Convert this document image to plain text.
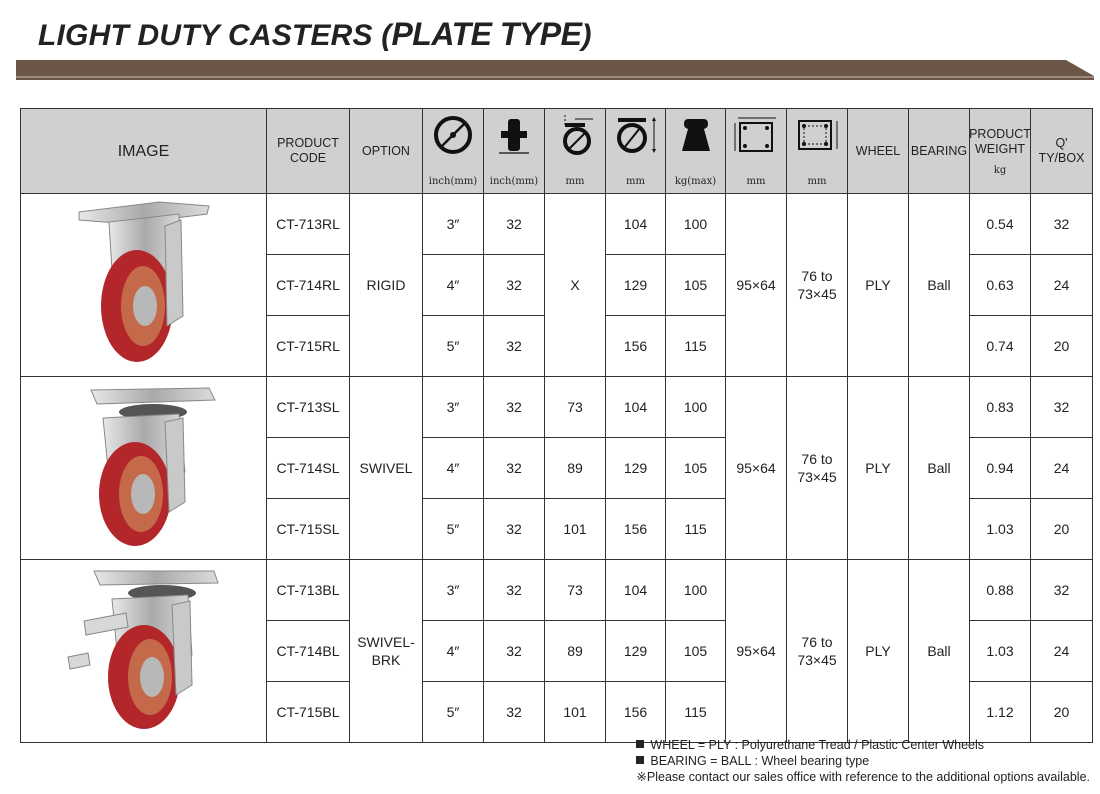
LIGHT DUTY CASTERS (PLATE TYPE)
IMAGE	PRODUCT
CODE	OPTION	inch(mm)	inch(mm)	mm	mm	kg(max)	mm	mm	WHEEL	BEARING	PRODUCT
WEIGHT
kg	Q' TY/BOX
	CT-713RL	RIGID	3″	32	X	104	100	95×64	76 to
73×45	PLY	Ball	0.54	32
	CT-714RL		4″	32		129	105					0.63	24
	CT-715RL		5″	32		156	115					0.74	20
	CT-713SL	SWIVEL	3″	32	73	104	100	95×64	76 to
73×45	PLY	Ball	0.83	32
	CT-714SL		4″	32	89	129	105					0.94	24
	CT-715SL		5″	32	101	156	115					1.03	20
	CT-713BL	SWIVEL-
BRK	3″	32	73	104	100	95×64	76 to
73×45	PLY	Ball	0.88	32
	CT-714BL		4″	32	89	129	105					1.03	24
	CT-715BL		5″	32	101	156	115					1.12	20
WHEEL = PLY : Polyurethane Tread / Plastic Center Wheels
BEARING = BALL : Wheel bearing type
※Please contact our sales office with reference to the additional options available.
